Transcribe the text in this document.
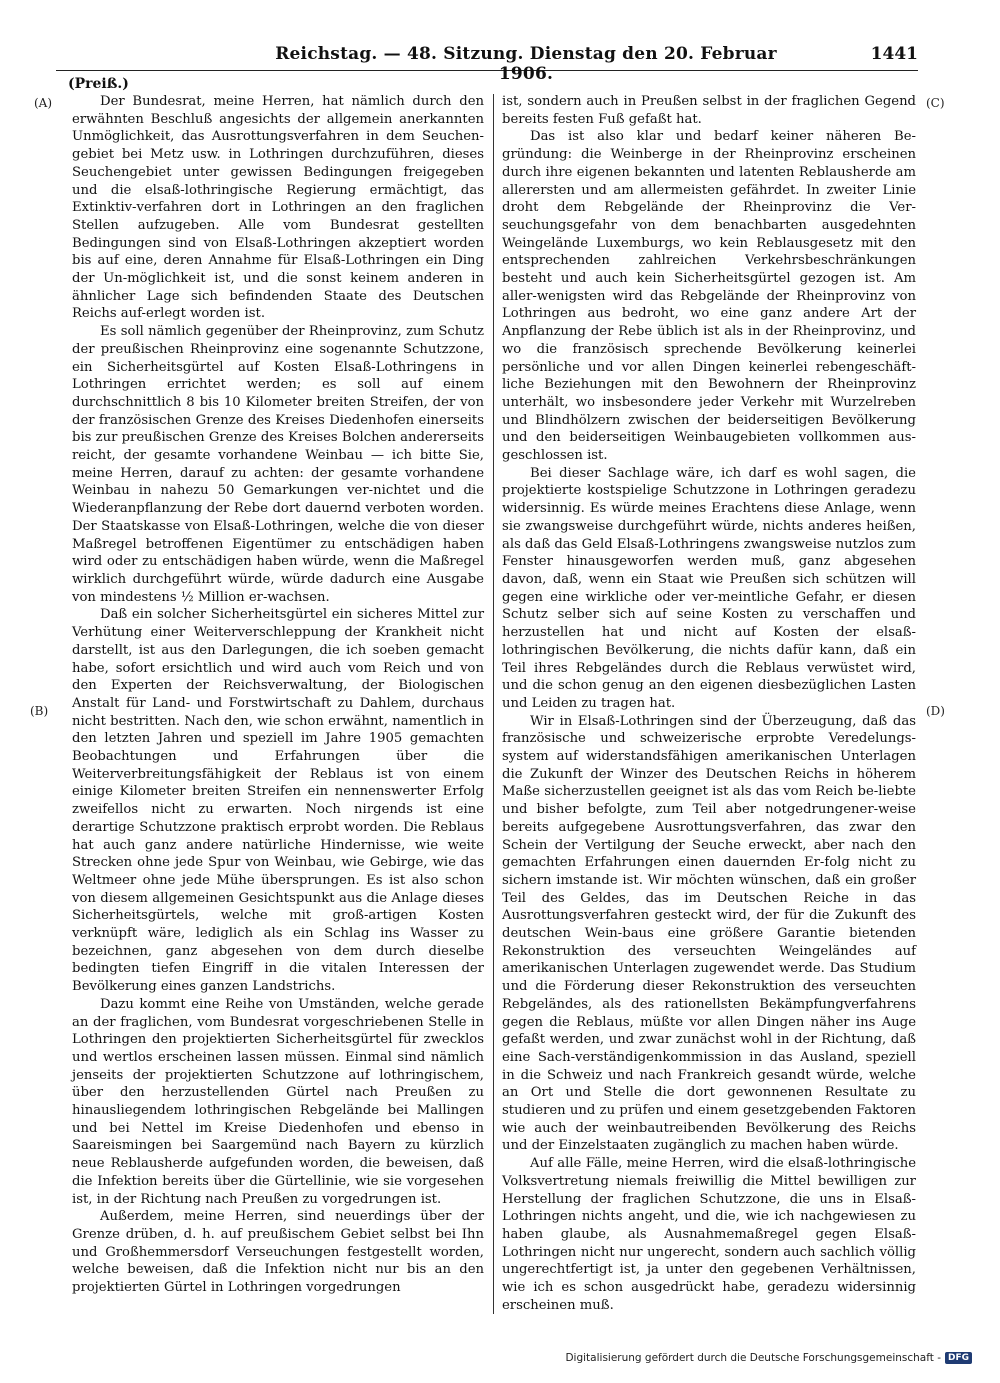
Reichstag. — 48. Sitzung. Dienstag den 20. Februar 1906.
1441
(Preiß.)
(A)
(B)
(C)
(D)

Der Bundesrat, meine Herren, hat nämlich durch den erwähnten Beschluß angesichts der allgemein anerkannten Unmöglichkeit, das Ausrottungsverfahren in dem Seuchen-gebiet bei Metz usw. in Lothringen durchzuführen, dieses Seuchengebiet unter gewissen Bedingungen freigegeben und die elsaß-lothringische Regierung ermächtigt, das Extinktiv-verfahren dort in Lothringen an den fraglichen Stellen aufzugeben. Alle vom Bundesrat gestellten Bedingungen sind von Elsaß-Lothringen akzeptiert worden bis auf eine, deren Annahme für Elsaß-Lothringen ein Ding der Un-möglichkeit ist, und die sonst keinem anderen in ähnlicher Lage sich befindenden Staate des Deutschen Reichs auf-erlegt worden ist.

Es soll nämlich gegenüber der Rheinprovinz, zum Schutz der preußischen Rheinprovinz eine sogenannte Schutzzone, ein Sicherheitsgürtel auf Kosten Elsaß-Lothringens in Lothringen errichtet werden; es soll auf einem durchschnittlich 8 bis 10 Kilometer breiten Streifen, der von der französischen Grenze des Kreises Diedenhofen einerseits bis zur preußischen Grenze des Kreises Bolchen andererseits reicht, der gesamte vorhandene Weinbau — ich bitte Sie, meine Herren, darauf zu achten: der gesamte vorhandene Weinbau in nahezu 50 Gemarkungen ver-nichtet und die Wiederanpflanzung der Rebe dort dauernd verboten worden. Der Staatskasse von Elsaß-Lothringen, welche die von dieser Maßregel betroffenen Eigentümer zu entschädigen haben wird oder zu entschädigen haben würde, wenn die Maßregel wirklich durchgeführt würde, würde dadurch eine Ausgabe von mindestens ½ Million er-wachsen.

Daß ein solcher Sicherheitsgürtel ein sicheres Mittel zur Verhütung einer Weiterverschleppung der Krankheit nicht darstellt, ist aus den Darlegungen, die ich soeben gemacht habe, sofort ersichtlich und wird auch vom Reich und von den Experten der Reichsverwaltung, der Biologischen Anstalt für Land- und Forstwirtschaft zu Dahlem, durchaus nicht bestritten. Nach den, wie schon erwähnt, namentlich in den letzten Jahren und speziell im Jahre 1905 gemachten Beobachtungen und Erfahrungen über die Weiterverbreitungsfähigkeit der Reblaus ist von einem einige Kilometer breiten Streifen ein nennenswerter Erfolg zweifellos nicht zu erwarten. Noch nirgends ist eine derartige Schutzzone praktisch erprobt worden. Die Reblaus hat auch ganz andere natürliche Hindernisse, wie weite Strecken ohne jede Spur von Weinbau, wie Gebirge, wie das Weltmeer ohne jede Mühe übersprungen. Es ist also schon von diesem allgemeinen Gesichtspunkt aus die Anlage dieses Sicherheitsgürtels, welche mit groß-artigen Kosten verknüpft wäre, lediglich als ein Schlag ins Wasser zu bezeichnen, ganz abgesehen von dem durch dieselbe bedingten tiefen Eingriff in die vitalen Interessen der Bevölkerung eines ganzen Landstrichs.

Dazu kommt eine Reihe von Umständen, welche gerade an der fraglichen, vom Bundesrat vorgeschriebenen Stelle in Lothringen den projektierten Sicherheitsgürtel für zwecklos und wertlos erscheinen lassen müssen. Einmal sind nämlich jenseits der projektierten Schutzzone auf lothringischem, über den herzustellenden Gürtel nach Preußen zu hinausliegendem lothringischen Rebgelände bei Mallingen und bei Nettel im Kreise Diedenhofen und ebenso in Saareismingen bei Saargemünd nach Bayern zu kürzlich neue Reblausherde aufgefunden worden, die beweisen, daß die Infektion bereits über die Gürtellinie, wie sie vorgesehen ist, in der Richtung nach Preußen zu vorgedrungen ist.

Außerdem, meine Herren, sind neuerdings über der Grenze drüben, d. h. auf preußischem Gebiet selbst bei Ihn und Großhemmersdorf Verseuchungen festgestellt worden, welche beweisen, daß die Infektion nicht nur bis an den projektierten Gürtel in Lothringen vorgedrungen

ist, sondern auch in Preußen selbst in der fraglichen Gegend bereits festen Fuß gefaßt hat.

Das ist also klar und bedarf keiner näheren Be-gründung: die Weinberge in der Rheinprovinz erscheinen durch ihre eigenen bekannten und latenten Reblausherde am allerersten und am allermeisten gefährdet. In zweiter Linie droht dem Rebgelände der Rheinprovinz die Ver-seuchungsgefahr von dem benachbarten ausgedehnten Weingelände Luxemburgs, wo kein Reblausgesetz mit den entsprechenden zahlreichen Verkehrsbeschränkungen besteht und auch kein Sicherheitsgürtel gezogen ist. Am aller-wenigsten wird das Rebgelände der Rheinprovinz von Lothringen aus bedroht, wo eine ganz andere Art der Anpflanzung der Rebe üblich ist als in der Rheinprovinz, und wo die französisch sprechende Bevölkerung keinerlei persönliche und vor allen Dingen keinerlei rebengeschäft-liche Beziehungen mit den Bewohnern der Rheinprovinz unterhält, wo insbesondere jeder Verkehr mit Wurzelreben und Blindhölzern zwischen der beiderseitigen Bevölkerung und den beiderseitigen Weinbaugebieten vollkommen aus-geschlossen ist.

Bei dieser Sachlage wäre, ich darf es wohl sagen, die projektierte kostspielige Schutzzone in Lothringen geradezu widersinnig. Es würde meines Erachtens diese Anlage, wenn sie zwangsweise durchgeführt würde, nichts anderes heißen, als daß das Geld Elsaß-Lothringens zwangsweise nutzlos zum Fenster hinausgeworfen werden muß, ganz abgesehen davon, daß, wenn ein Staat wie Preußen sich schützen will gegen eine wirkliche oder ver-meintliche Gefahr, er diesen Schutz selber sich auf seine Kosten zu verschaffen und herzustellen hat und nicht auf Kosten der elsaß-lothringischen Bevölkerung, die nichts dafür kann, daß ein Teil ihres Rebgeländes durch die Reblaus verwüstet wird, und die schon genug an den eigenen diesbezüglichen Lasten und Leiden zu tragen hat.

Wir in Elsaß-Lothringen sind der Überzeugung, daß das französische und schweizerische erprobte Veredelungs-system auf widerstandsfähigen amerikanischen Unterlagen die Zukunft der Winzer des Deutschen Reichs in höherem Maße sicherzustellen geeignet ist als das vom Reich be-liebte und bisher befolgte, zum Teil aber notgedrungener-weise bereits aufgegebene Ausrottungsverfahren, das zwar den Schein der Vertilgung der Seuche erweckt, aber nach den gemachten Erfahrungen einen dauernden Er-folg nicht zu sichern imstande ist. Wir möchten wünschen, daß ein großer Teil des Geldes, das im Deutschen Reiche in das Ausrottungsverfahren gesteckt wird, der für die Zukunft des deutschen Wein-baus eine größere Garantie bietenden Rekonstruktion des verseuchten Weingeländes auf amerikanischen Unterlagen zugewendet werde. Das Studium und die Förderung dieser Rekonstruktion des verseuchten Rebgeländes, als des rationellsten Bekämpfungverfahrens gegen die Reblaus, müßte vor allen Dingen näher ins Auge gefaßt werden, und zwar zunächst wohl in der Richtung, daß eine Sach-verständigenkommission in das Ausland, speziell in die Schweiz und nach Frankreich gesandt würde, welche an Ort und Stelle die dort gewonnenen Resultate zu studieren und zu prüfen und einem gesetzgebenden Faktoren wie auch der weinbautreibenden Bevölkerung des Reichs und der Einzelstaaten zugänglich zu machen haben würde.

Auf alle Fälle, meine Herren, wird die elsaß-lothringische Volksvertretung niemals freiwillig die Mittel bewilligen zur Herstellung der fraglichen Schutzzone, die uns in Elsaß-Lothringen nichts angeht, und die, wie ich nachgewiesen zu haben glaube, als Ausnahmemaßregel gegen Elsaß-Lothringen nicht nur ungerecht, sondern auch sachlich völlig ungerechtfertigt ist, ja unter den gegebenen Verhältnissen, wie ich es schon ausgedrückt habe, geradezu widersinnig erscheinen muß.

Digitalisierung gefördert durch die Deutsche Forschungsgemeinschaft - DFG
